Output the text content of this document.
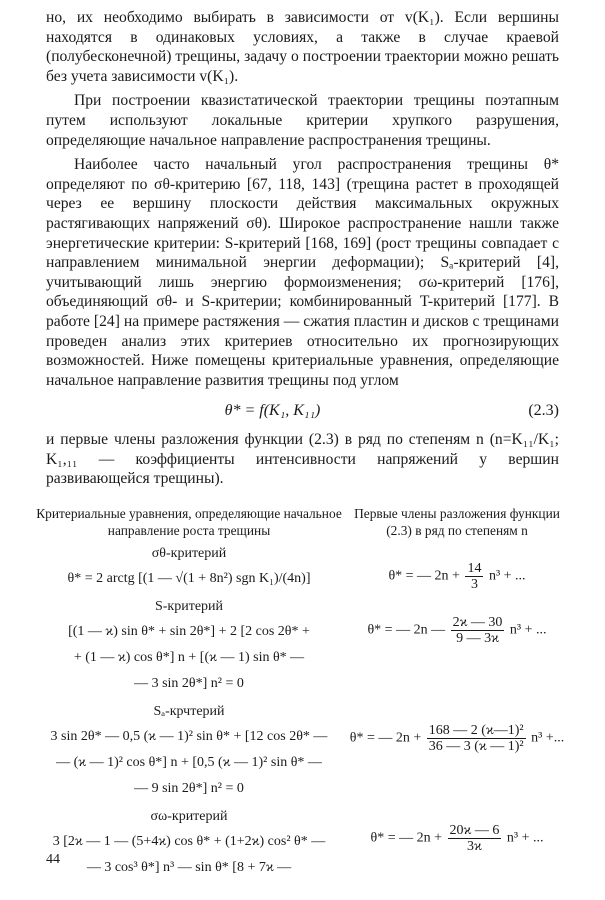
но, их необходимо выбирать в зависимости от v(K₁). Если вершины находятся в одинаковых условиях, а также в случае краевой (полубесконечной) трещины, задачу о построении траектории можно решать без учета зависимости v(K₁).

При построении квазистатической траектории трещины поэтапным путем используют локальные критерии хрупкого разрушения, определяющие начальное направление распространения трещины.

Наиболее часто начальный угол распространения трещины θ* определяют по σθ-критерию [67, 118, 143] (трещина растет в проходящей через ее вершину плоскости действия максимальных окружных растягивающих напряжений σθ). Широкое распространение нашли также энергетические критерии: S-критерий [168, 169] (рост трещины совпадает с направлением минимальной энергии деформации); Sₐ-критерий [4], учитывающий лишь энергию формоизменения; σω-критерий [176], объединяющий σθ- и S-критерии; комбинированный T-критерий [177]. В работе [24] на примере растяжения — сжатия пластин и дисков с трещинами проведен анализ этих критериев относительно их прогнозирующих возможностей. Ниже помещены критериальные уравнения, определяющие начальное направление развития трещины под углом

θ* = f(K₁, K₁₁)	(2.3)

и первые члены разложения функции (2.3) в ряд по степеням n (n=K₁₁/K₁; K₁,₁₁ — коэффициенты интенсивности напряжений у вершин развивающейся трещины).

Критериальные уравнения, определяющие начальное направление роста трещины

σθ-критерий
θ* = 2 arctg [(1 — √(1 + 8n²) sgn K₁)/(4n)]
S-критерий
[(1 — ϰ) sin θ* + sin 2θ*] + 2 [2 cos 2θ* +
+ (1 — ϰ) cos θ*] n + [(ϰ — 1) sin θ* —
— 3 sin 2θ*] n² = 0
Sₐ-крчтерий
3 sin 2θ* — 0,5 (ϰ — 1)² sin θ* + [12 cos 2θ* —
— (ϰ — 1)² cos θ*] n + [0,5 (ϰ — 1)² sin θ* —
— 9 sin 2θ*] n² = 0
σω-критерий
3 [2ϰ — 1 — (5+4ϰ) cos θ* + (1+2ϰ) cos² θ* —
— 3 cos³ θ*] n³ — sin θ* [8 + 7ϰ —

Первые члены разложения функции (2.3) в ряд по степеням n

θ* = — $2n + \frac{14}{3} n^3$ + ...
θ* = — 2n — $\frac{2ϰ — 30}{9 — 3ϰ} n^3$ + ...
θ* = — $2n + \frac{\text{168 — 2 (ϰ—1)²}}{\text{36 — 3 (ϰ — 1)²}} n^3$ +...
θ* = — $2n + \frac{20ϰ — 6}{3ϰ} n^3$ + ...
44
